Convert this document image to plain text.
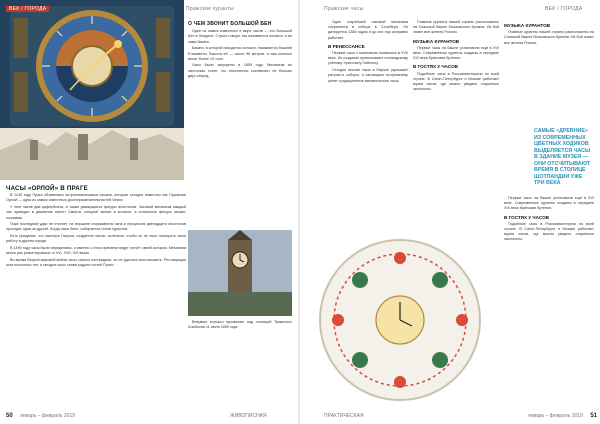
ВЕК / ГОРОДА	Пражские куранты
О ЧЕМ ЗВОНИТ БОЛЬШОЙ БЕН

Один из самых известных в мире часов — это Большой Бен в Лондоне. Строго говоря, так называется колокол, а не сама башня.

Башня, в которой находится колокол, называется башней Елизаветы. Высота её — около 96 метров, а сам колокол весит более 13 тонн.

Часы были запущены в 1859 году. Механизм их настолько точен, что отклонение составляет не больше двух секунд.

ЧАСЫ «ОРЛОЙ» В ПРАГЕ

В 1410 году Прага обзавелась астрономическими часами, которые сегодня известны как Пражские Орлой — одна из самых известных достопримечательностей Чехии.

У этих часов два циферблата, а также движущиеся фигуры апостолов. Часовой механизм каждый час приводит в движение скелет Смерти, который звонит в колокол, а остальные фигуры качают головами.

Пока последний удар не стихнет, на вершине открываются окна и процессия двенадцати апостолов проходит одна за другой. Когда часы бьют, собирается толпа туристов.

Есть предание, что мастера Гануша, создателя часов, ослепили, чтобы он не смог повторить свою работу в другом городе.

В 1490 году часы были переделаны, и именно с этого времени ведут отсчёт своей истории. Механизм много раз ремонтировали: в XVI, XVII, XIX веках.

Во время Второй мировой войны часы сильно пострадали, но их удалось восстановить. Реставрация шла несколько лет, и сегодня часы снова радуют гостей Праги.

Впервые колокол прозвонил над столицей Туманного Альбиона 11 июля 1859 года.

50 январь – февраль 2019	ЖИВОПИСНАЯ
Пражские часы	ВЕК / ГОРОДА

Один старейший часовой механизм сохранился в соборе в Солсбери. Он датируется 1386 годом и до сих пор исправно работает.

В РЕНЕССАНСЕ

Первые часы с маятником появились в XVII веке. Их создание приписывают голландскому учёному Христиану Гюйгенсу.

Сегодня многие часы в Европе украшают ратуши и соборы, а часовщики по-прежнему ценят традиционные механические часы.

Главные куранты нашей страны расположены на Спасской башне Московского Кремля. Их бой знают все жители России.

МУЗЫКА КУРАНТОВ

Первые часы на башне установили ещё в XVI веке. Современные куранты созданы в середине XIX века братьями Бутеноп.

В ГОСТЯХ У ЧАСОВ

Подобные часы в Россиимастерили по всей стране. В Санкт-Петербурге и Москве работают музеи часов, где можно увидеть старинные экспонаты.

МУЗЫКА КУРАНТОВ

Главные куранты нашей страны расположены на Спасской башне Московского Кремля. Их бой знают все жители России.

САМЫЕ «ДРЕВНИЕ» ИЗ СОВРЕМЕННЫХ ЦВЕТНЫХ ХОДИКОВ ВЫДЕЛЯЕТСЯ ЧАСЫ В ЗДАНИЕ МУЗЕЯ — ОНИ ОТСЧИТЫВАЮТ ВРЕМЯ В СТОЛИЦЕ ШОТЛАНДИИ УЖЕ ТРИ ВЕКА

Первые часы на башне установили ещё в XVI веке. Современные куранты созданы в середине XIX века братьями Бутеноп.

В ГОСТЯХ У ЧАСОВ

Подобные часы в Россиимастерили по всей стране. В Санкт-Петербурге и Москве работают музеи часов, где можно увидеть старинные экспонаты.

ПРАКТИЧЕСКАЯ	январь – февраль 2019 51
